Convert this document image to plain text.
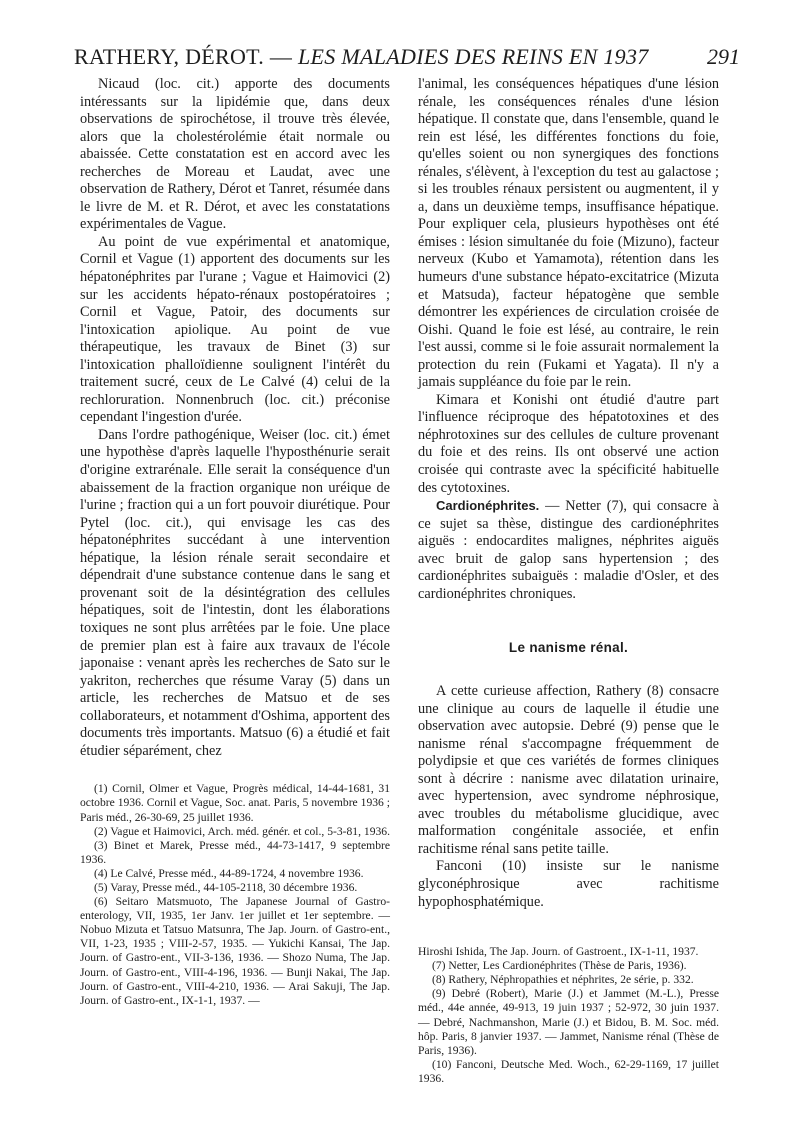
RATHERY, DÉROT. — LES MALADIES DES REINS EN 1937	291

Nicaud (loc. cit.) apporte des documents intéressants sur la lipidémie que, dans deux observations de spirochétose, il trouve très élevée, alors que la cholestérolémie était normale ou abaissée. Cette constatation est en accord avec les recherches de Moreau et Laudat, avec une observation de Rathery, Dérot et Tanret, résumée dans le livre de M. et R. Dérot, et avec les constatations expérimentales de Vague.

Au point de vue expérimental et anatomique, Cornil et Vague (1) apportent des documents sur les hépatonéphrites par l'urane ; Vague et Haimovici (2) sur les accidents hépato-rénaux postopératoires ; Cornil et Vague, Patoir, des documents sur l'intoxication apiolique. Au point de vue thérapeutique, les travaux de Binet (3) sur l'intoxication phalloïdienne soulignent l'intérêt du traitement sucré, ceux de Le Calvé (4) celui de la rechloruration. Nonnenbruch (loc. cit.) préconise cependant l'ingestion d'urée.

Dans l'ordre pathogénique, Weiser (loc. cit.) émet une hypothèse d'après laquelle l'hyposthénurie serait d'origine extrarénale. Elle serait la conséquence d'un abaissement de la fraction organique non uréique de l'urine ; fraction qui a un fort pouvoir diurétique. Pour Pytel (loc. cit.), qui envisage les cas des hépatonéphrites succédant à une intervention hépatique, la lésion rénale serait secondaire et dépendrait d'une substance contenue dans le sang et provenant soit de la désintégration des cellules hépatiques, soit de l'intestin, dont les élaborations toxiques ne sont plus arrêtées par le foie. Une place de premier plan est à faire aux travaux de l'école japonaise : venant après les recherches de Sato sur le yakriton, recherches que résume Varay (5) dans un article, les recherches de Matsuo et de ses collaborateurs, et notamment d'Oshima, apportent des documents très importants. Matsuo (6) a étudié et fait étudier séparément, chez

(1) Cornil, Olmer et Vague, Progrès médical, 14-44-1681, 31 octobre 1936. Cornil et Vague, Soc. anat. Paris, 5 novembre 1936 ; Paris méd., 26-30-69, 25 juillet 1936.

(2) Vague et Haimovici, Arch. méd. génér. et col., 5-3-81, 1936.

(3) Binet et Marek, Presse méd., 44-73-1417, 9 septembre 1936.

(4) Le Calvé, Presse méd., 44-89-1724, 4 novembre 1936.

(5) Varay, Presse méd., 44-105-2118, 30 décembre 1936.

(6) Seitaro Matsmuoto, The Japanese Journal of Gastro-enterology, VII, 1935, 1er Janv. 1er juillet et 1er septembre. — Nobuo Mizuta et Tatsuo Matsunra, The Jap. Journ. of Gastro-ent., VII, 1-23, 1935 ; VIII-2-57, 1935. — Yukichi Kansai, The Jap. Journ. of Gastro-ent., VII-3-136, 1936. — Shozo Numa, The Jap. Journ. of Gastro-ent., VIII-4-196, 1936. — Bunji Nakai, The Jap. Journ. of Gastro-ent., VIII-4-210, 1936. — Arai Sakuji, The Jap. Journ. of Gastro-ent., IX-1-1, 1937. —

l'animal, les conséquences hépatiques d'une lésion rénale, les conséquences rénales d'une lésion hépatique. Il constate que, dans l'ensemble, quand le rein est lésé, les différentes fonctions du foie, qu'elles soient ou non synergiques des fonctions rénales, s'élèvent, à l'exception du test au galactose ; si les troubles rénaux persistent ou augmentent, il y a, dans un deuxième temps, insuffisance hépatique. Pour expliquer cela, plusieurs hypothèses ont été émises : lésion simultanée du foie (Mizuno), facteur nerveux (Kubo et Yamamota), rétention dans les humeurs d'une substance hépato-excitatrice (Mizuta et Matsuda), facteur hépatogène que semble démontrer les expériences de circulation croisée de Oishi. Quand le foie est lésé, au contraire, le rein l'est aussi, comme si le foie assurait normalement la protection du rein (Fukami et Yagata). Il n'y a jamais suppléance du foie par le rein.

Kimara et Konishi ont étudié d'autre part l'influence réciproque des hépatotoxines et des néphrotoxines sur des cellules de culture provenant du foie et des reins. Ils ont observé une action croisée qui contraste avec la spécificité habituelle des cytotoxines.

Cardionéphrites. — Netter (7), qui consacre à ce sujet sa thèse, distingue des cardionéphrites aiguës : endocardites malignes, néphrites aiguës avec bruit de galop sans hypertension ; des cardionéphrites subaiguës : maladie d'Osler, et des cardionéphrites chroniques.

Le nanisme rénal.

A cette curieuse affection, Rathery (8) consacre une clinique au cours de laquelle il étudie une observation avec autopsie. Debré (9) pense que le nanisme rénal s'accompagne fréquemment de polydipsie et que ces variétés de formes cliniques sont à décrire : nanisme avec dilatation urinaire, avec hypertension, avec syndrome néphrosique, avec troubles du métabolisme glucidique, avec malformation congénitale associée, et enfin rachitisme rénal sans petite taille.

Fanconi (10) insiste sur le nanisme glyconéphrosique avec rachitisme hypophosphatémique.

Hiroshi Ishida, The Jap. Journ. of Gastroent., IX-1-11, 1937.

(7) Netter, Les Cardionéphrites (Thèse de Paris, 1936).

(8) Rathery, Néphropathies et néphrites, 2e série, p. 332.

(9) Debré (Robert), Marie (J.) et Jammet (M.-L.), Presse méd., 44e année, 49-913, 19 juin 1937 ; 52-972, 30 juin 1937. — Debré, Nachmanshon, Marie (J.) et Bidou, B. M. Soc. méd. hôp. Paris, 8 janvier 1937. — Jammet, Nanisme rénal (Thèse de Paris, 1936).

(10) Fanconi, Deutsche Med. Woch., 62-29-1169, 17 juillet 1936.
